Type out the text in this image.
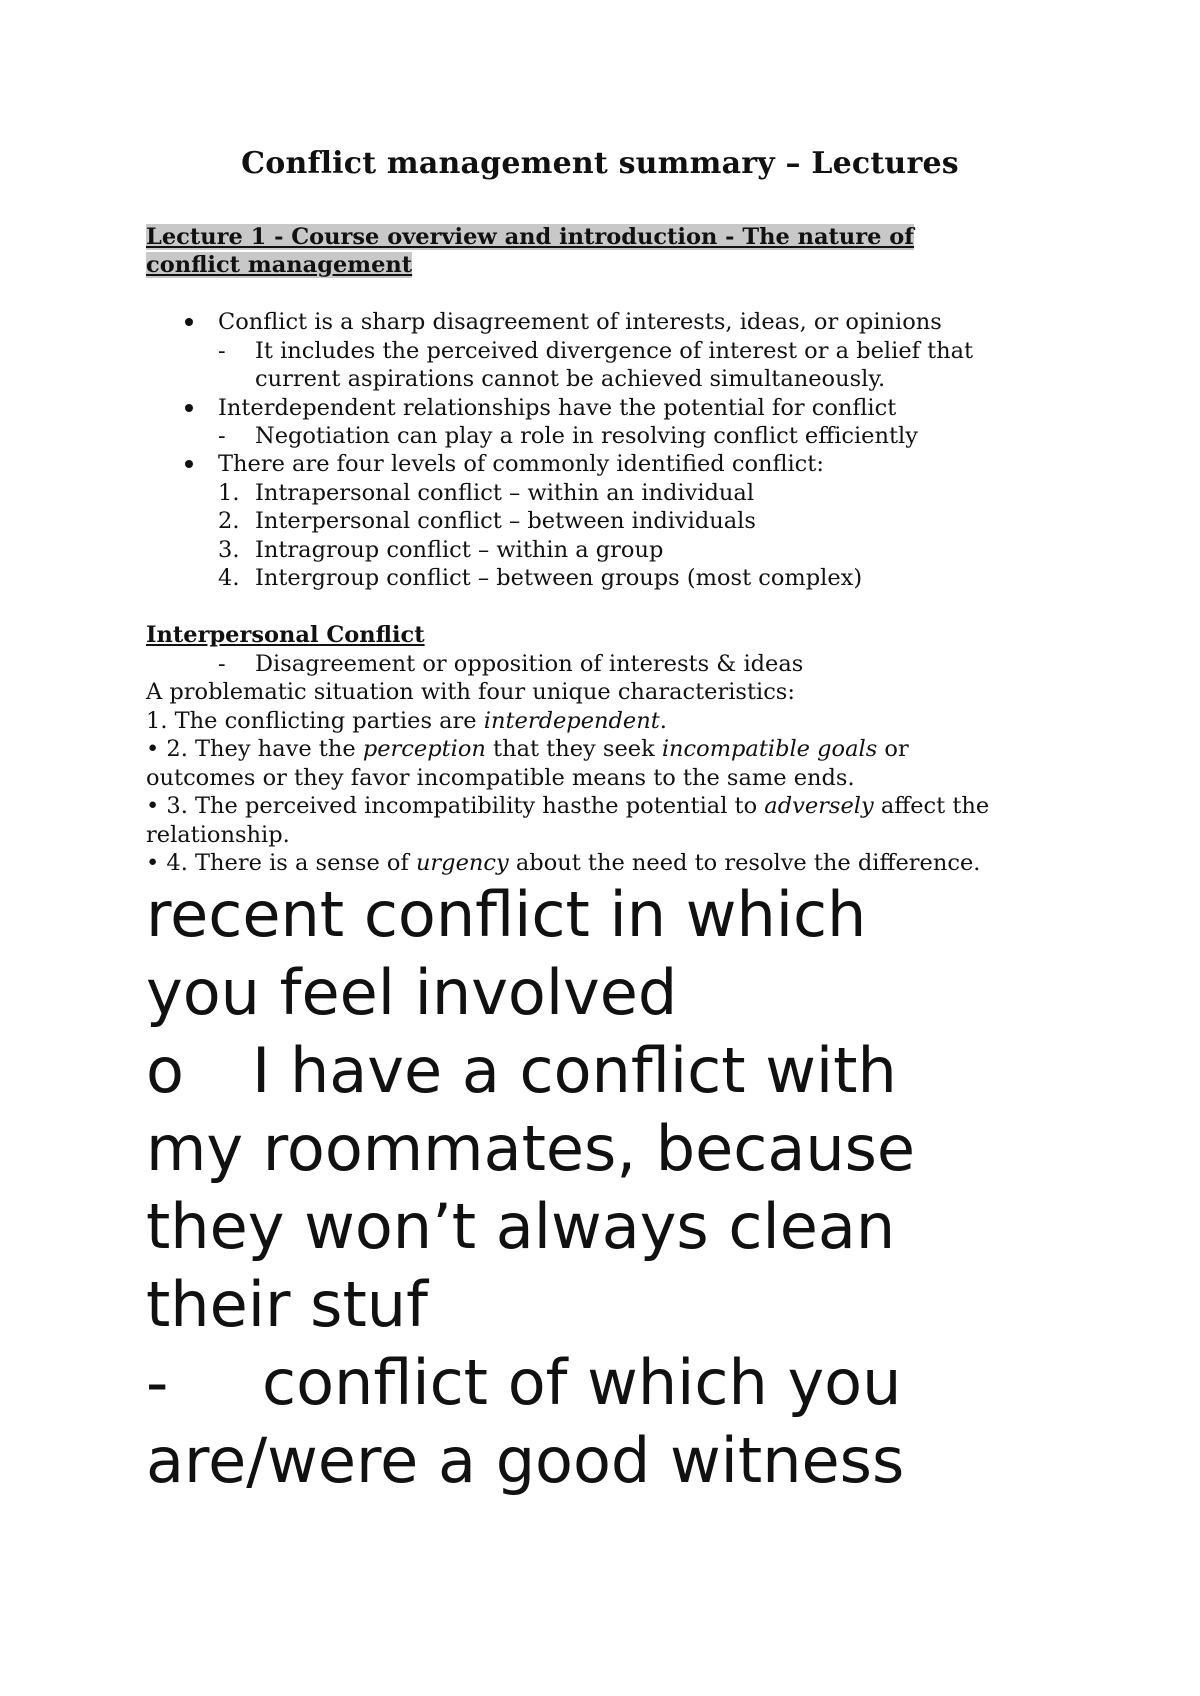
Conflict management summary – Lectures
Lecture 1 - Course overview and introduction - The nature of
conflict management
Conflict is a sharp disagreement of interests, ideas, or opinions
- It includes the perceived divergence of interest or a belief that
current aspirations cannot be achieved simultaneously.
Interdependent relationships have the potential for conflict
- Negotiation can play a role in resolving conflict efficiently
There are four levels of commonly identified conflict:
1. Intrapersonal conflict – within an individual
2. Interpersonal conflict – between individuals
3. Intragroup conflict – within a group
4. Intergroup conflict – between groups (most complex)
Interpersonal Conflict
- Disagreement or opposition of interests & ideas
A problematic situation with four unique characteristics:
1. The conflicting parties are interdependent.
• 2. They have the perception that they seek incompatible goals or
outcomes or they favor incompatible means to the same ends.
• 3. The perceived incompatibility hasthe potential to adversely affect the
relationship.
• 4. There is a sense of urgency about the need to resolve the difference.
recent conflict in which
you feel involved
o I have a conflict with
my roommates, because
they won’t always clean
their stuf
- conflict of which you
are/were a good witness
